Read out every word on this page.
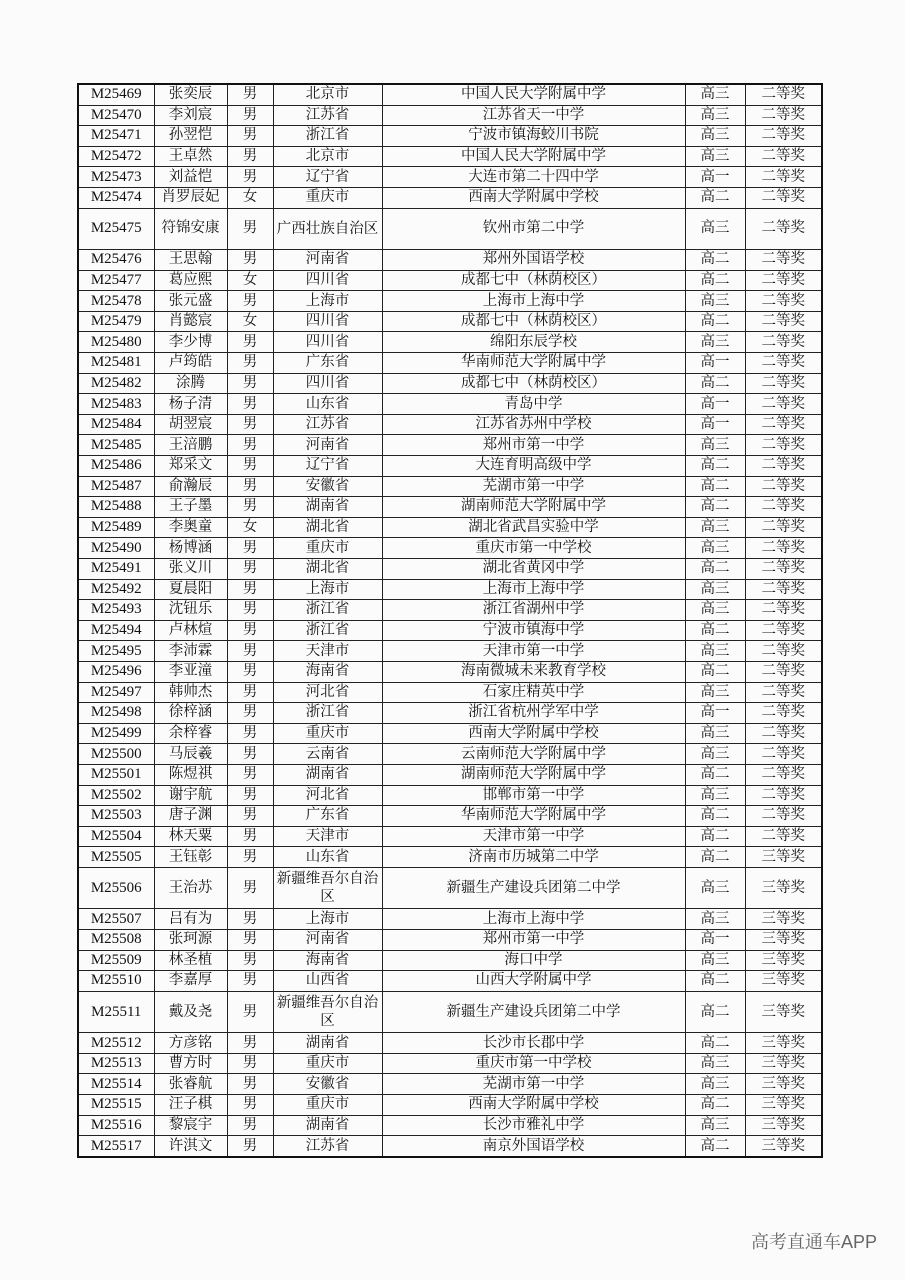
M25469	张奕辰	男	北京市	中国人民大学附属中学	高三	二等奖
M25470	李刘宸	男	江苏省	江苏省天一中学	高三	二等奖
M25471	孙翌恺	男	浙江省	宁波市镇海蛟川书院	高三	二等奖
M25472	王卓然	男	北京市	中国人民大学附属中学	高三	二等奖
M25473	刘益恺	男	辽宁省	大连市第二十四中学	高一	二等奖
M25474	肖罗辰妃	女	重庆市	西南大学附属中学校	高二	二等奖
M25475	符锦安康	男	广西壮族自治区	钦州市第二中学	高三	二等奖
M25476	王思翰	男	河南省	郑州外国语学校	高二	二等奖
M25477	葛应熙	女	四川省	成都七中（林荫校区）	高二	二等奖
M25478	张元盛	男	上海市	上海市上海中学	高三	二等奖
M25479	肖懿宸	女	四川省	成都七中（林荫校区）	高二	二等奖
M25480	李少博	男	四川省	绵阳东辰学校	高三	二等奖
M25481	卢筠皓	男	广东省	华南师范大学附属中学	高一	二等奖
M25482	涂腾	男	四川省	成都七中（林荫校区）	高二	二等奖
M25483	杨子清	男	山东省	青岛中学	高一	二等奖
M25484	胡翌宸	男	江苏省	江苏省苏州中学校	高一	二等奖
M25485	王涪鹏	男	河南省	郑州市第一中学	高三	二等奖
M25486	郑采文	男	辽宁省	大连育明高级中学	高二	二等奖
M25487	俞瀚辰	男	安徽省	芜湖市第一中学	高二	二等奖
M25488	王子墨	男	湖南省	湖南师范大学附属中学	高二	二等奖
M25489	李奥童	女	湖北省	湖北省武昌实验中学	高三	二等奖
M25490	杨博涵	男	重庆市	重庆市第一中学校	高三	二等奖
M25491	张义川	男	湖北省	湖北省黄冈中学	高二	二等奖
M25492	夏晨阳	男	上海市	上海市上海中学	高三	二等奖
M25493	沈钮乐	男	浙江省	浙江省湖州中学	高三	二等奖
M25494	卢林煊	男	浙江省	宁波市镇海中学	高二	二等奖
M25495	李沛霖	男	天津市	天津市第一中学	高三	二等奖
M25496	李亚潼	男	海南省	海南微城未来教育学校	高二	二等奖
M25497	韩帅杰	男	河北省	石家庄精英中学	高三	二等奖
M25498	徐梓涵	男	浙江省	浙江省杭州学军中学	高一	二等奖
M25499	余梓睿	男	重庆市	西南大学附属中学校	高三	二等奖
M25500	马辰羲	男	云南省	云南师范大学附属中学	高三	二等奖
M25501	陈煜祺	男	湖南省	湖南师范大学附属中学	高二	二等奖
M25502	谢宇航	男	河北省	邯郸市第一中学	高三	二等奖
M25503	唐子渊	男	广东省	华南师范大学附属中学	高二	二等奖
M25504	林天粟	男	天津市	天津市第一中学	高二	二等奖
M25505	王钰彰	男	山东省	济南市历城第二中学	高二	三等奖
M25506	王治苏	男	新疆维吾尔自治区	新疆生产建设兵团第二中学	高三	三等奖
M25507	吕有为	男	上海市	上海市上海中学	高三	三等奖
M25508	张珂源	男	河南省	郑州市第一中学	高一	三等奖
M25509	林圣植	男	海南省	海口中学	高三	三等奖
M25510	李嘉厚	男	山西省	山西大学附属中学	高二	三等奖
M25511	戴及尧	男	新疆维吾尔自治区	新疆生产建设兵团第二中学	高二	三等奖
M25512	方彦铭	男	湖南省	长沙市长郡中学	高二	三等奖
M25513	曹方时	男	重庆市	重庆市第一中学校	高三	三等奖
M25514	张睿航	男	安徽省	芜湖市第一中学	高三	三等奖
M25515	汪子棋	男	重庆市	西南大学附属中学校	高二	三等奖
M25516	黎宸宇	男	湖南省	长沙市雅礼中学	高三	三等奖
M25517	许淇文	男	江苏省	南京外国语学校	高二	三等奖
高考直通车APP
